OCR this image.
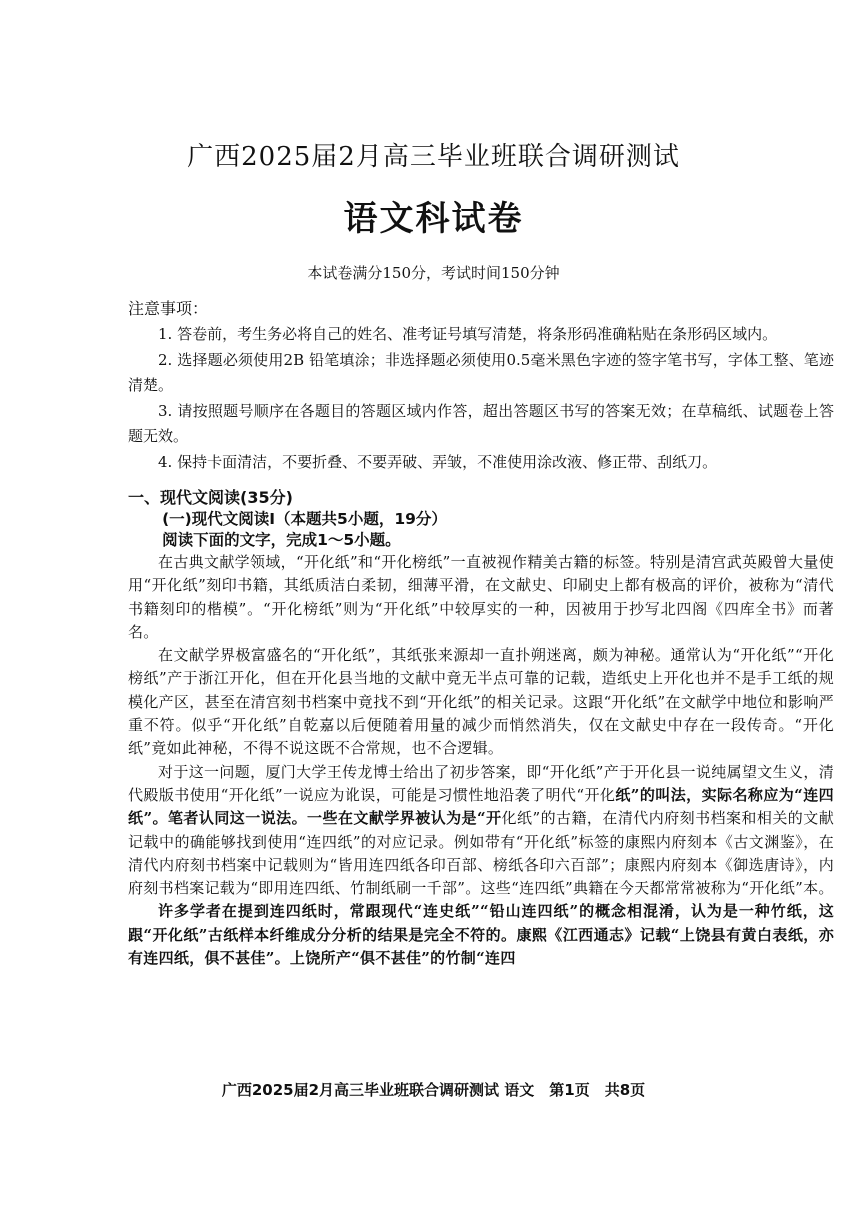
广西2025届2月高三毕业班联合调研测试
语文科试卷

本试卷满分150分，考试时间150分钟

注意事项：

1. 答卷前，考生务必将自己的姓名、准考证号填写清楚，将条形码准确粘贴在条形码区域内。

2. 选择题必须使用2B 铅笔填涂；非选择题必须使用0.5毫米黑色字迹的签字笔书写，字体工整、笔迹清楚。

3. 请按照题号顺序在各题目的答题区域内作答，超出答题区书写的答案无效；在草稿纸、试题卷上答题无效。

4. 保持卡面清洁，不要折叠、不要弄破、弄皱，不准使用涂改液、修正带、刮纸刀。

一、现代文阅读(35分)

(一)现代文阅读Ⅰ（本题共5小题，19分）

阅读下面的文字，完成1～5小题。

在古典文献学领域，“开化纸”和“开化榜纸”一直被视作精美古籍的标签。特别是清宫武英殿曾大量使用“开化纸”刻印书籍，其纸质洁白柔韧，细薄平滑，在文献史、印刷史上都有极高的评价，被称为“清代书籍刻印的楷模”。“开化榜纸”则为“开化纸”中较厚实的一种，因被用于抄写北四阁《四库全书》而著名。

在文献学界极富盛名的“开化纸”，其纸张来源却一直扑朔迷离，颇为神秘。通常认为“开化纸”“开化榜纸”产于浙江开化，但在开化县当地的文献中竟无半点可靠的记载，造纸史上开化也并不是手工纸的规模化产区，甚至在清宫刻书档案中竟找不到“开化纸”的相关记录。这跟“开化纸”在文献学中地位和影响严重不符。似乎“开化纸”自乾嘉以后便随着用量的减少而悄然消失，仅在文献史中存在一段传奇。“开化纸”竟如此神秘，不得不说这既不合常规，也不合逻辑。

对于这一问题，厦门大学王传龙博士给出了初步答案，即“开化纸”产于开化县一说纯属望文生义，清代殿版书使用“开化纸”一说应为讹误，可能是习惯性地沿袭了明代“开化纸”的叫法，实际名称应为“连四纸”。笔者认同这一说法。一些在文献学界被认为是“开化纸”的古籍，在清代内府刻书档案和相关的文献记载中的确能够找到使用“连四纸”的对应记录。例如带有“开化纸”标签的康熙内府刻本《古文渊鉴》，在清代内府刻书档案中记载则为“皆用连四纸各印百部、榜纸各印六百部”；康熙内府刻本《御选唐诗》，内府刻书档案记载为“即用连四纸、竹制纸刷一千部”。这些“连四纸”典籍在今天都常常被称为“开化纸”本。

许多学者在提到连四纸时，常跟现代“连史纸”“铅山连四纸”的概念相混淆，认为是一种竹纸，这跟“开化纸”古纸样本纤维成分分析的结果是完全不符的。康熙《江西通志》记载“上饶县有黄白表纸，亦有连四纸，俱不甚佳”。上饶所产“俱不甚佳”的竹制“连四

广西2025届2月高三毕业班联合调研测试 语文　第1页　共8页
